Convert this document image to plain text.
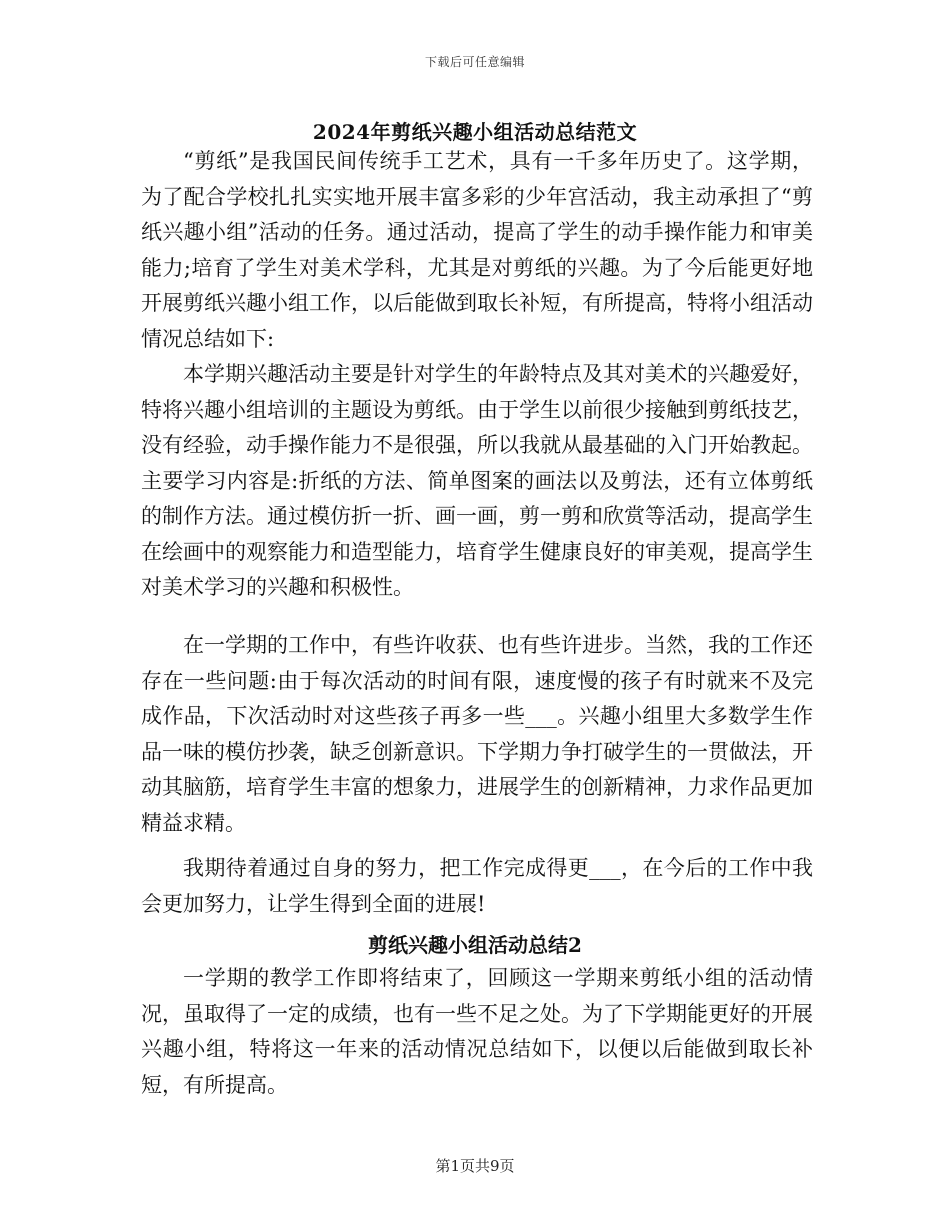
下载后可任意编辑
2024年剪纸兴趣小组活动总结范文

“剪纸”是我国民间传统手工艺术，具有一千多年历史了。这学期，为了配合学校扎扎实实地开展丰富多彩的少年宫活动，我主动承担了“剪纸兴趣小组”活动的任务。通过活动，提高了学生的动手操作能力和审美能力;培育了学生对美术学科，尤其是对剪纸的兴趣。为了今后能更好地开展剪纸兴趣小组工作，以后能做到取长补短，有所提高，特将小组活动情况总结如下:

本学期兴趣活动主要是针对学生的年龄特点及其对美术的兴趣爱好，特将兴趣小组培训的主题设为剪纸。由于学生以前很少接触到剪纸技艺，没有经验，动手操作能力不是很强，所以我就从最基础的入门开始教起。主要学习内容是:折纸的方法、简单图案的画法以及剪法，还有立体剪纸的制作方法。通过模仿折一折、画一画，剪一剪和欣赏等活动，提高学生在绘画中的观察能力和造型能力，培育学生健康良好的审美观，提高学生对美术学习的兴趣和积极性。

在一学期的工作中，有些许收获、也有些许进步。当然，我的工作还存在一些问题:由于每次活动的时间有限，速度慢的孩子有时就来不及完成作品，下次活动时对这些孩子再多一些___。兴趣小组里大多数学生作品一味的模仿抄袭，缺乏创新意识。下学期力争打破学生的一贯做法，开动其脑筋，培育学生丰富的想象力，进展学生的创新精神，力求作品更加精益求精。

我期待着通过自身的努力，把工作完成得更___，在今后的工作中我会更加努力，让学生得到全面的进展!

剪纸兴趣小组活动总结2

一学期的教学工作即将结束了，回顾这一学期来剪纸小组的活动情况，虽取得了一定的成绩，也有一些不足之处。为了下学期能更好的开展兴趣小组，特将这一年来的活动情况总结如下，以便以后能做到取长补短，有所提高。

第1页共9页
